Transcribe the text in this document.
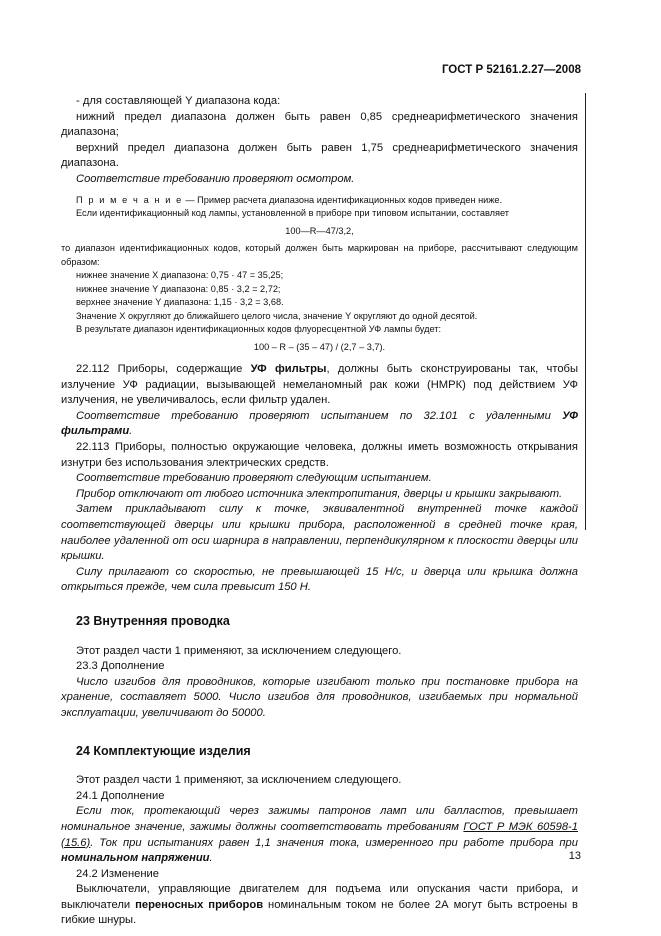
ГОСТ Р 52161.2.27—2008

- для составляющей Y диапазона кода:

нижний предел диапазона должен быть равен 0,85 среднеарифметического значения диапазона;

верхний предел диапазона должен быть равен 1,75 среднеарифметического значения диапазона.

Соответствие требованию проверяют осмотром.

П р и м е ч а н и е — Пример расчета диапазона идентификационных кодов приведен ниже.

Если идентификационный код лампы, установленной в приборе при типовом испытании, составляет

100—R—47/3,2,

то диапазон идентификационных кодов, который должен быть маркирован на приборе, рассчитывают следующим образом:

нижнее значение X диапазона: 0,75 · 47 = 35,25;

нижнее значение Y диапазона: 0,85 · 3,2 = 2,72;

верхнее значение Y диапазона: 1,15 · 3,2 = 3,68.

Значение X округляют до ближайшего целого числа, значение Y округляют до одной десятой.

В результате диапазон идентификационных кодов флуоресцентной УФ лампы будет:

100 – R – (35 – 47) / (2,7 – 3,7).

22.112 Приборы, содержащие УФ фильтры, должны быть сконструированы так, чтобы излучение УФ радиации, вызывающей немеланомный рак кожи (НМРК) под действием УФ излучения, не увеличивалось, если фильтр удален.

Соответствие требованию проверяют испытанием по 32.101 с удаленными УФ фильтрами.

22.113 Приборы, полностью окружающие человека, должны иметь возможность открывания изнутри без использования электрических средств.

Соответствие требованию проверяют следующим испытанием.

Прибор отключают от любого источника электропитания, дверцы и крышки закрывают.

Затем прикладывают силу к точке, эквивалентной внутренней точке каждой соответствующей дверцы или крышки прибора, расположенной в средней точке края, наиболее удаленной от оси шарнира в направлении, перпендикулярном к плоскости дверцы или крышки.

Силу прилагают со скоростью, не превышающей 15 Н/с, и дверца или крышка должна открыться прежде, чем сила превысит 150 Н.

23 Внутренняя проводка

Этот раздел части 1 применяют, за исключением следующего.

23.3 Дополнение

Число изгибов для проводников, которые изгибают только при постановке прибора на хранение, составляет 5000. Число изгибов для проводников, изгибаемых при нормальной эксплуатации, увеличивают до 50000.

24 Комплектующие изделия

Этот раздел части 1 применяют, за исключением следующего.

24.1 Дополнение

Если ток, протекающий через зажимы патронов ламп или балластов, превышает номинальное значение, зажимы должны соответствовать требованиям ГОСТ Р МЭК 60598-1 (15.6). Ток при испытаниях равен 1,1 значения тока, измеренного при работе прибора при номинальном напряжении.

24.2 Изменение

Выключатели, управляющие двигателем для подъема или опускания части прибора, и выключатели переносных приборов номинальным током не более 2А могут быть встроены в гибкие шнуры.

13
